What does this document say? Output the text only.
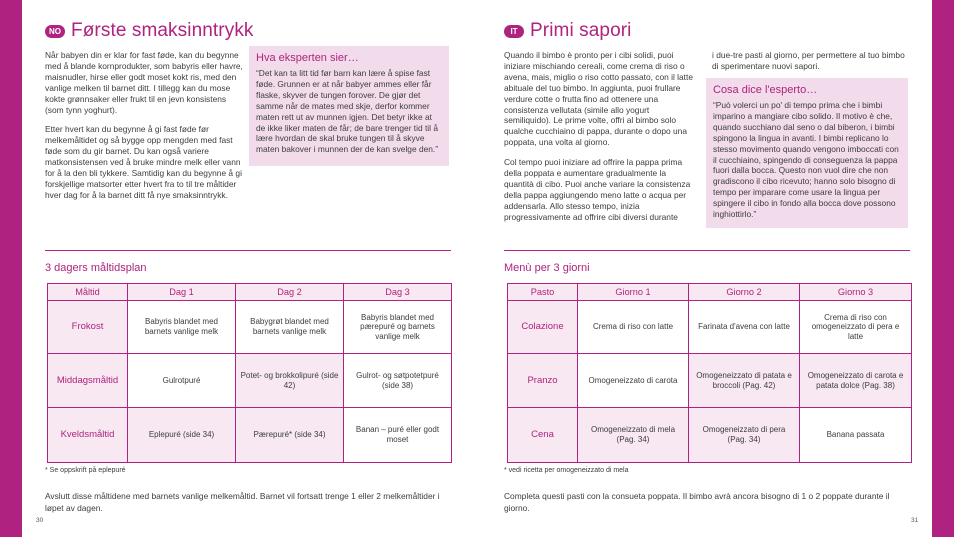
NO Første smaksinntrykk

Når babyen din er klar for fast føde, kan du begynne med å blande kornprodukter, som babyris eller havre, maisnudler, hirse eller godt moset kokt ris, med den vanlige melken til barnet ditt. I tillegg kan du mose kokte grønnsaker eller frukt til en jevn konsistens (som tynn yoghurt).

Etter hvert kan du begynne å gi fast føde før melkemåltidet og så bygge opp mengden med fast føde som du gir barnet. Du kan også variere matkonsistensen ved å bruke mindre melk eller vann for å la den bli tykkere. Samtidig kan du begynne å gi forskjellige matsorter etter hvert fra to til tre måltider hver dag for å la barnet ditt få nye smaksinntrykk.

Hva eksperten sier…
“Det kan ta litt tid før barn kan lære å spise fast føde. Grunnen er at når babyer ammes eller får flaske, skyver de tungen forover. De gjør det samme når de mates med skje, derfor kommer maten rett ut av munnen igjen. Det betyr ikke at de ikke liker maten de får; de bare trenger tid til å lære hvordan de skal bruke tungen til å skyve maten bakover i munnen der de kan svelge den.”
3 dagers måltidsplan
Måltid	Dag 1	Dag 2	Dag 3
Frokost	Babyris blandet med barnets vanlige melk	Babygrøt blandet med barnets vanlige melk	Babyris blandet med pærepuré og barnets vanlige melk
Middagsmåltid	Gulrotpuré	Potet- og brokkolipuré (side 42)	Gulrot- og søtpotetpuré (side 38)
Kveldsmåltid	Eplepuré (side 34)	Pærepuré* (side 34)	Banan – puré eller godt moset
* Se oppskrift på eplepuré
Avslutt disse måltidene med barnets vanlige melkemåltid. Barnet vil fortsatt trenge 1 eller 2 melkemåltider i løpet av dagen.
30
IT Primi sapori

Quando il bimbo è pronto per i cibi solidi, puoi iniziare mischiando cereali, come crema di riso o avena, mais, miglio o riso cotto passato, con il latte abituale del tuo bimbo. In aggiunta, puoi frullare verdure cotte o frutta fino ad ottenere una consistenza vellutata (simile allo yogurt semiliquido). Le prime volte, offri al bimbo solo qualche cucchiaino di pappa, durante o dopo una poppata, una volta al giorno.

Col tempo puoi iniziare ad offrire la pappa prima della poppata e aumentare gradualmente la quantità di cibo. Puoi anche variare la consistenza della pappa aggiungendo meno latte o acqua per addensarla. Allo stesso tempo, inizia progressivamente ad offrire cibi diversi durante

i due-tre pasti al giorno, per permettere al tuo bimbo di sperimentare nuovi sapori.

Cosa dice l'esperto…
“Può volerci un po' di tempo prima che i bimbi imparino a mangiare cibo solido. Il motivo è che, quando succhiano dal seno o dal biberon, i bimbi spingono la lingua in avanti. I bimbi replicano lo stesso movimento quando vengono imboccati con il cucchiaino, spingendo di conseguenza la pappa fuori dalla bocca. Questo non vuol dire che non gradiscono il cibo ricevuto; hanno solo bisogno di tempo per imparare come usare la lingua per spingere il cibo in fondo alla bocca dove possono inghiottirlo.”
Menù per 3 giorni
Pasto	Giorno 1	Giorno 2	Giorno 3
Colazione	Crema di riso con latte	Farinata d'avena con latte	Crema di riso con omogeneizzato di pera e latte
Pranzo	Omogeneizzato di carota	Omogeneizzato di patata e broccoli (Pag. 42)	Omogeneizzato di carota e patata dolce (Pag. 38)
Cena	Omogeneizzato di mela (Pag. 34)	Omogeneizzato di pera (Pag. 34)	Banana passata
* vedi ricetta per omogeneizzato di mela
Completa questi pasti con la consueta poppata. Il bimbo avrà ancora bisogno di 1 o 2 poppate durante il giorno.
31
